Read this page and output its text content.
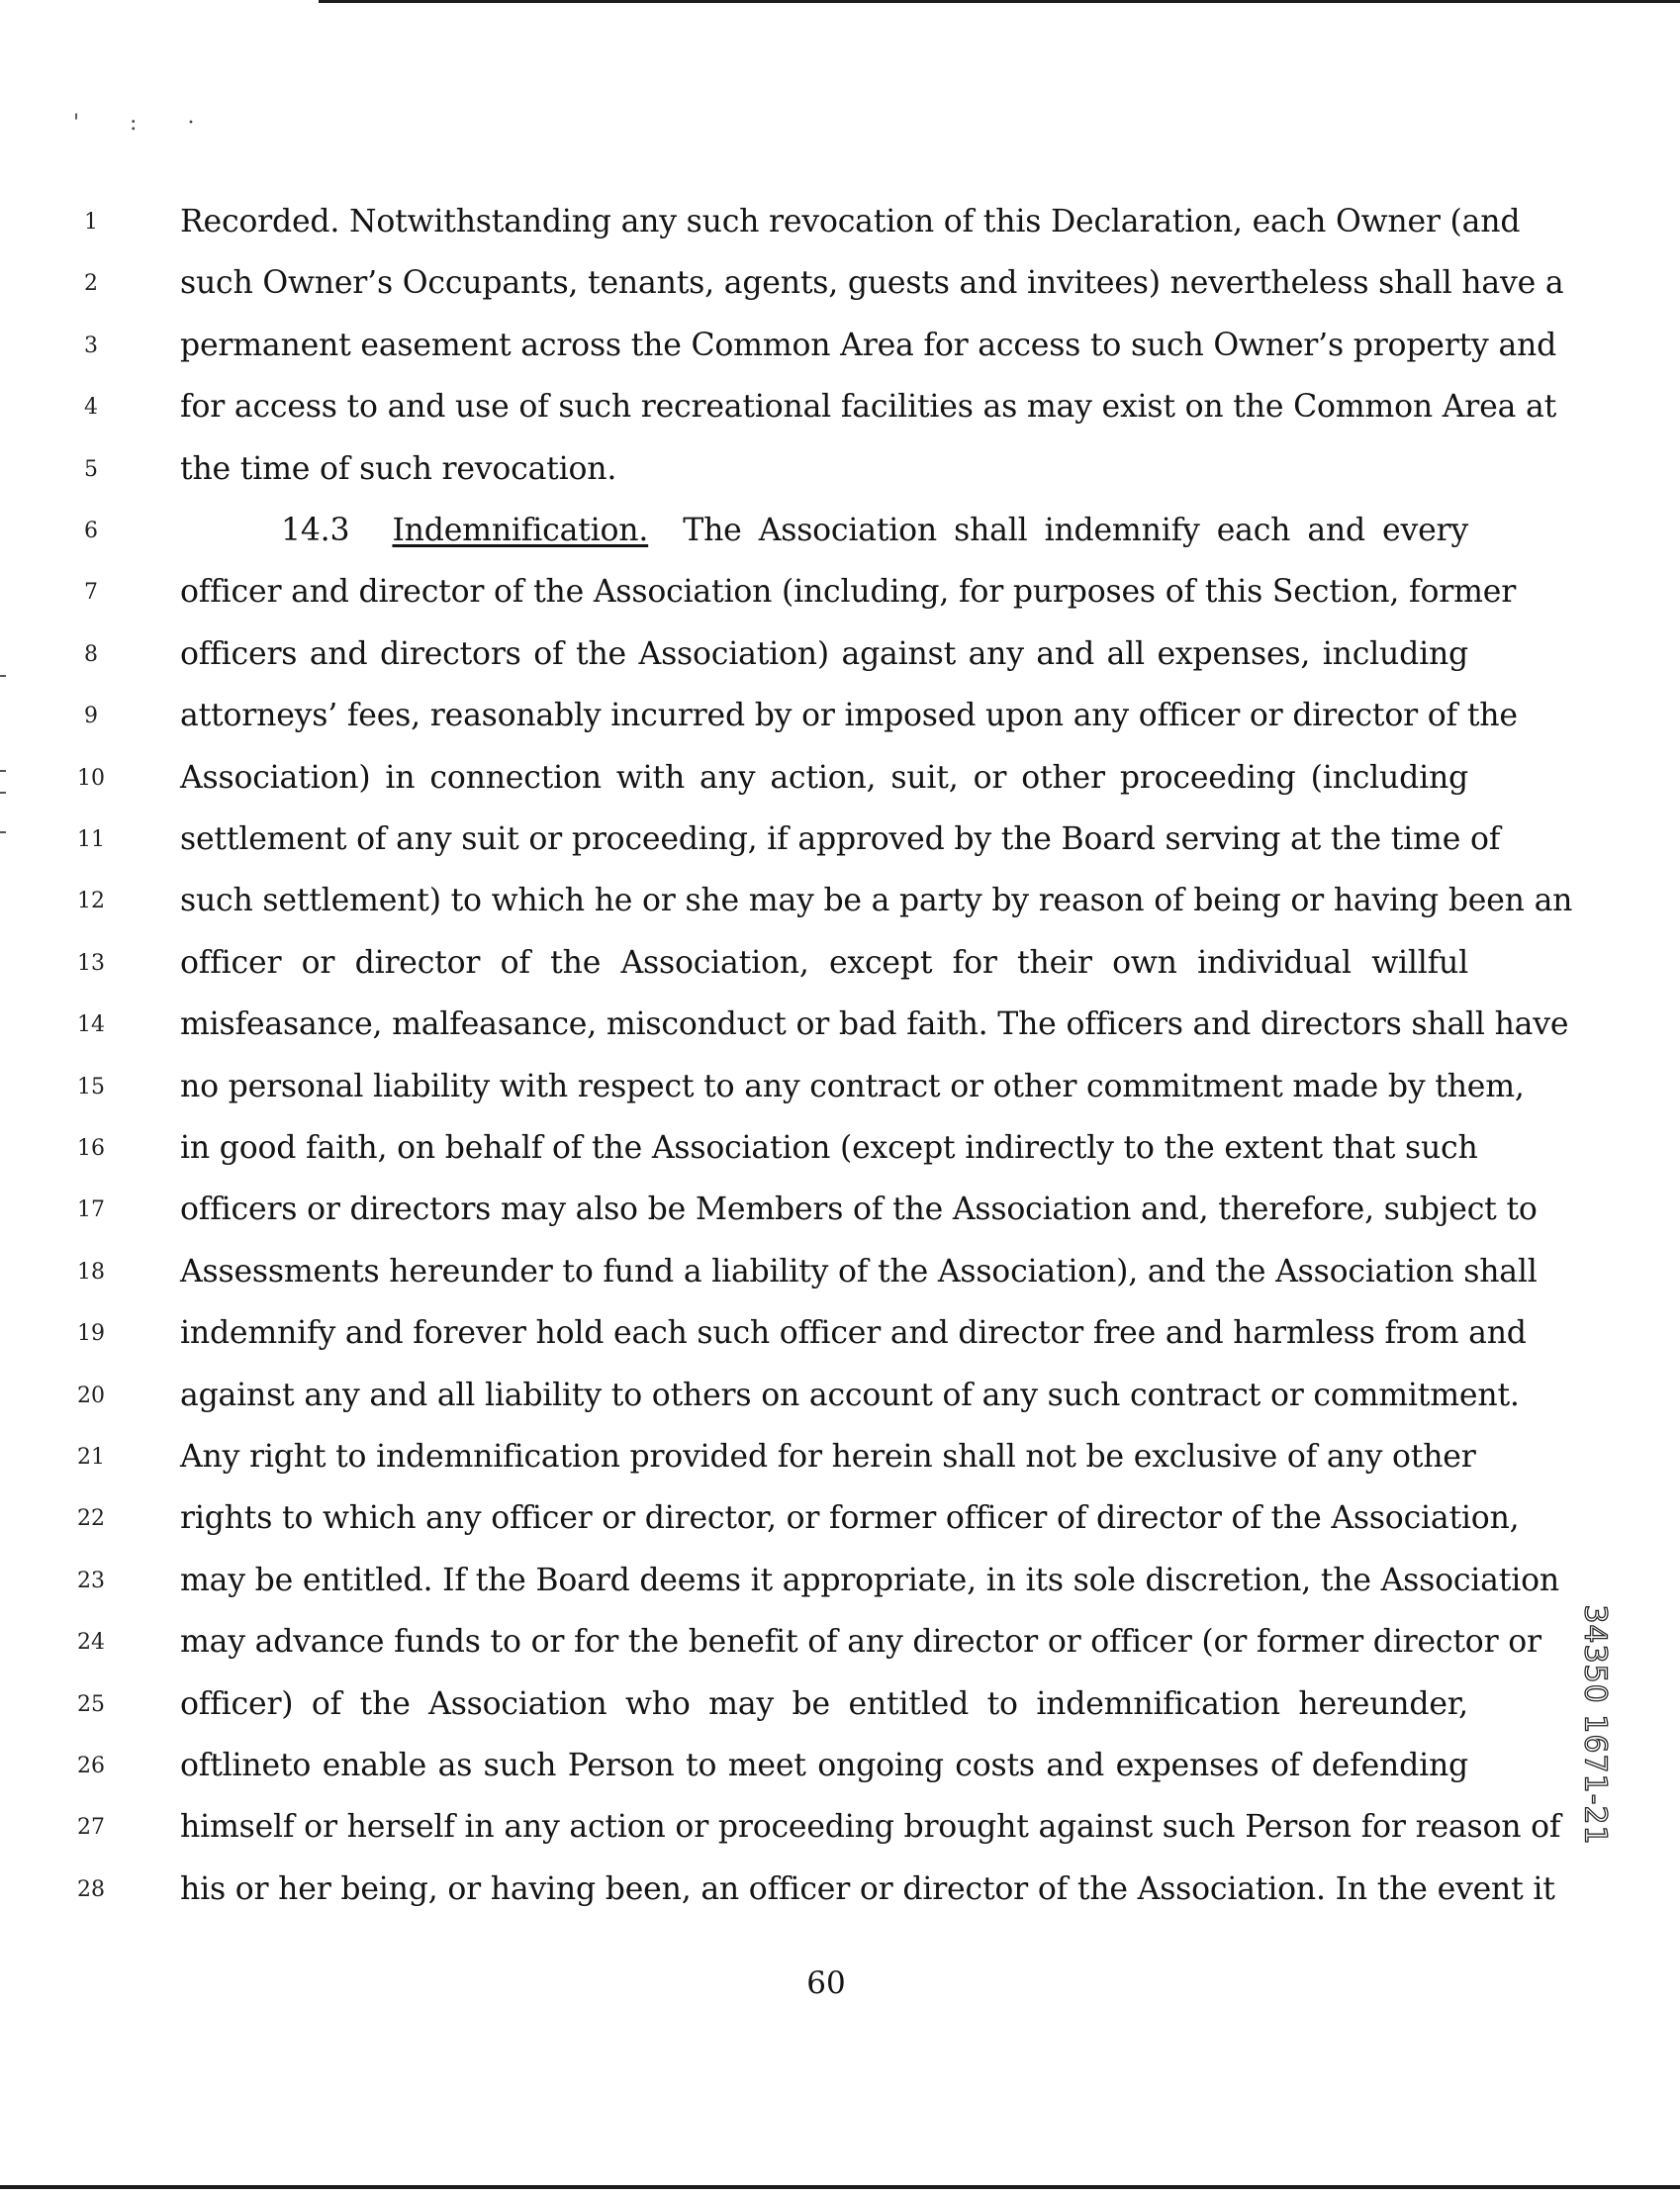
' : ·
1	Recorded. Notwithstanding any such revocation of this Declaration, each Owner (and
2	such Owner’s Occupants, tenants, agents, guests and invitees) nevertheless shall have a
3	permanent easement across the Common Area for access to such Owner’s property and
4	for access to and use of such recreational facilities as may exist on the Common Area at
5	the time of such revocation.
6	14.3 Indemnification. The Association shall indemnify each and every
7	officer and director of the Association (including, for purposes of this Section, former
8	officers and directors of the Association) against any and all expenses, including
9	attorneys’ fees, reasonably incurred by or imposed upon any officer or director of the
10 Association) in connection with any action, suit, or other proceeding (including
11 settlement of any suit or proceeding, if approved by the Board serving at the time of
12 such settlement) to which he or she may be a party by reason of being or having been an
13 officer or director of the Association, except for their own individual willful
14 misfeasance, malfeasance, misconduct or bad faith. The officers and directors shall have
15 no personal liability with respect to any contract or other commitment made by them,
16 in good faith, on behalf of the Association (except indirectly to the extent that such
17 officers or directors may also be Members of the Association and, therefore, subject to
18 Assessments hereunder to fund a liability of the Association), and the Association shall
19 indemnify and forever hold each such officer and director free and harmless from and
20 against any and all liability to others on account of any such contract or commitment.
21 Any right to indemnification provided for herein shall not be exclusive of any other
22 rights to which any officer or director, or former officer of director of the Association,
23 may be entitled. If the Board deems it appropriate, in its sole discretion, the Association
24 may advance funds to or for the benefit of any director or officer (or former director or
25 officer) of the Association who may be entitled to indemnification hereunder,
26 oftlineto enable as such Person to meet ongoing costs and expenses of defending
27 himself or herself in any action or proceeding brought against such Person for reason of
28 his or her being, or having been, an officer or director of the Association. In the event it
60
34350 1671-21
